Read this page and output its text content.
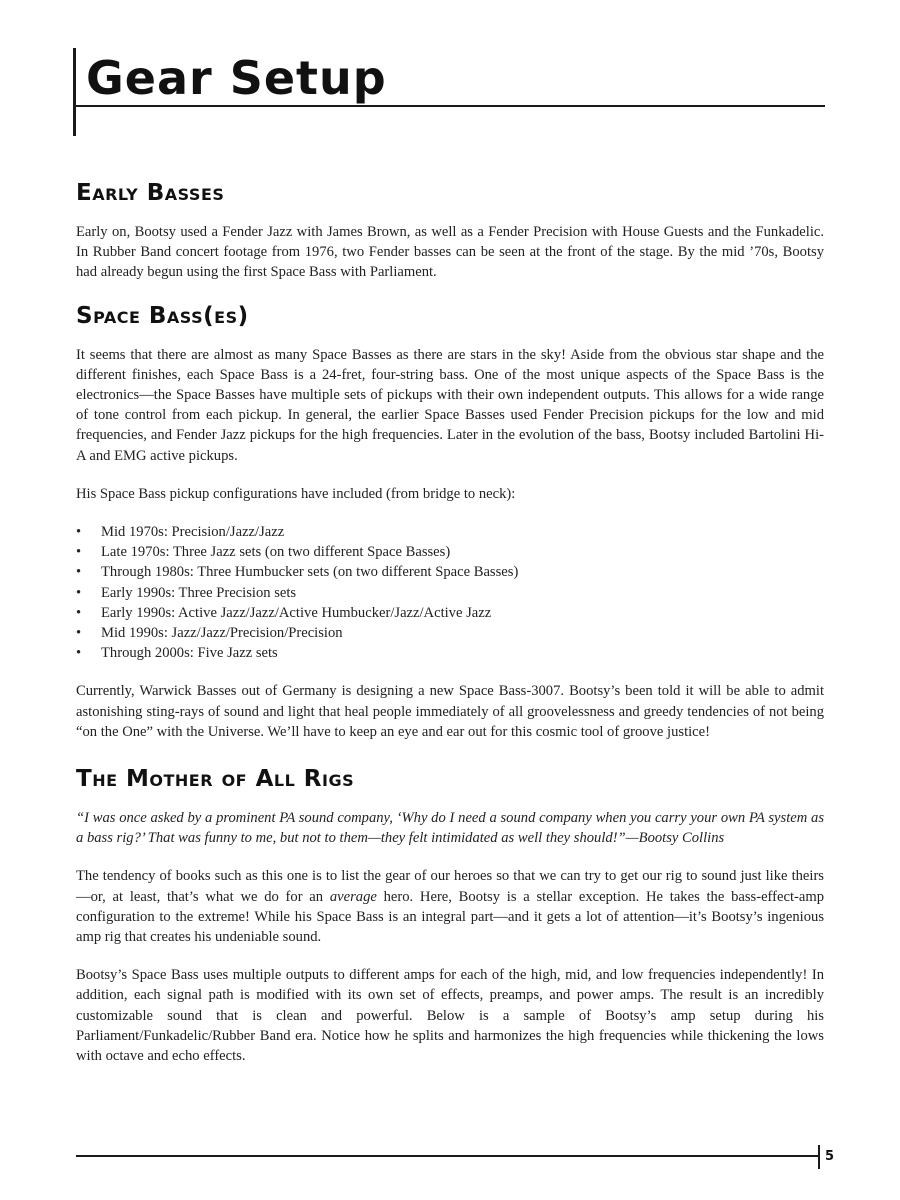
Gear Setup
Early Basses

Early on, Bootsy used a Fender Jazz with James Brown, as well as a Fender Precision with House Guests and the Funkadelic. In Rubber Band concert footage from 1976, two Fender basses can be seen at the front of the stage. By the mid ’70s, Bootsy had already begun using the first Space Bass with Parliament.

Space Bass(es)

It seems that there are almost as many Space Basses as there are stars in the sky! Aside from the obvious star shape and the different finishes, each Space Bass is a 24-fret, four-string bass. One of the most unique aspects of the Space Bass is the electronics—the Space Basses have multiple sets of pickups with their own independent outputs. This allows for a wide range of tone control from each pickup. In general, the earlier Space Basses used Fender Precision pickups for the low and mid frequencies, and Fender Jazz pickups for the high frequencies. Later in the evolution of the bass, Bootsy included Bartolini Hi-A and EMG active pickups.

His Space Bass pickup configurations have included (from bridge to neck):

• Mid 1970s: Precision/Jazz/Jazz
• Late 1970s: Three Jazz sets (on two different Space Basses)
• Through 1980s: Three Humbucker sets (on two different Space Basses)
• Early 1990s: Three Precision sets
• Early 1990s: Active Jazz/Jazz/Active Humbucker/Jazz/Active Jazz
• Mid 1990s: Jazz/Jazz/Precision/Precision
• Through 2000s: Five Jazz sets

Currently, Warwick Basses out of Germany is designing a new Space Bass-3007. Bootsy’s been told it will be able to admit astonishing sting-rays of sound and light that heal people immediately of all groovelessness and greedy tendencies of not being “on the One” with the Universe. We’ll have to keep an eye and ear out for this cosmic tool of groove justice!

The Mother of All Rigs

“I was once asked by a prominent PA sound company, ‘Why do I need a sound company when you carry your own PA system as a bass rig?’ That was funny to me, but not to them—they felt intimidated as well they should!”—Bootsy Collins

The tendency of books such as this one is to list the gear of our heroes so that we can try to get our rig to sound just like theirs—or, at least, that’s what we do for an average hero. Here, Bootsy is a stellar exception. He takes the bass-effect-amp configuration to the extreme! While his Space Bass is an integral part—and it gets a lot of attention—it’s Bootsy’s ingenious amp rig that creates his undeniable sound.

Bootsy’s Space Bass uses multiple outputs to different amps for each of the high, mid, and low frequencies independently! In addition, each signal path is modified with its own set of effects, preamps, and power amps. The result is an incredibly customizable sound that is clean and powerful. Below is a sample of Bootsy’s amp setup during his Parliament/Funkadelic/Rubber Band era. Notice how he splits and harmonizes the high frequencies while thickening the lows with octave and echo effects.

5
